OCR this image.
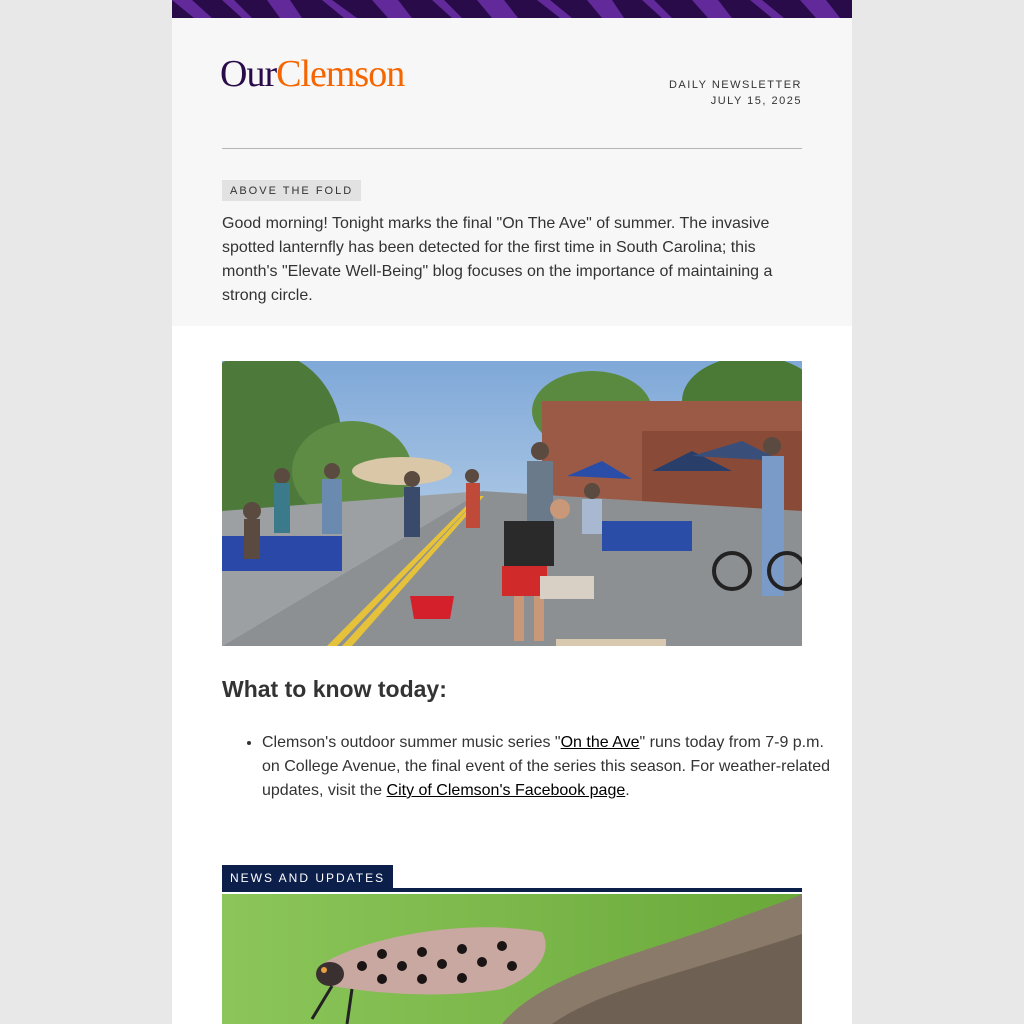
OurClemson	DAILY NEWSLETTER
JULY 15, 2025
ABOVE THE FOLD

Good morning! Tonight marks the final "On The Ave" of summer. The invasive spotted lanternfly has been detected for the first time in South Carolina; this month's "Elevate Well-Being" blog focuses on the importance of maintaining a strong circle.

What to know today:
• Clemson's outdoor summer music series "On the Ave" runs today from 7-9 p.m. on College Avenue, the final event of the series this season. For weather-related updates, visit the City of Clemson's Facebook page.
NEWS AND UPDATES
